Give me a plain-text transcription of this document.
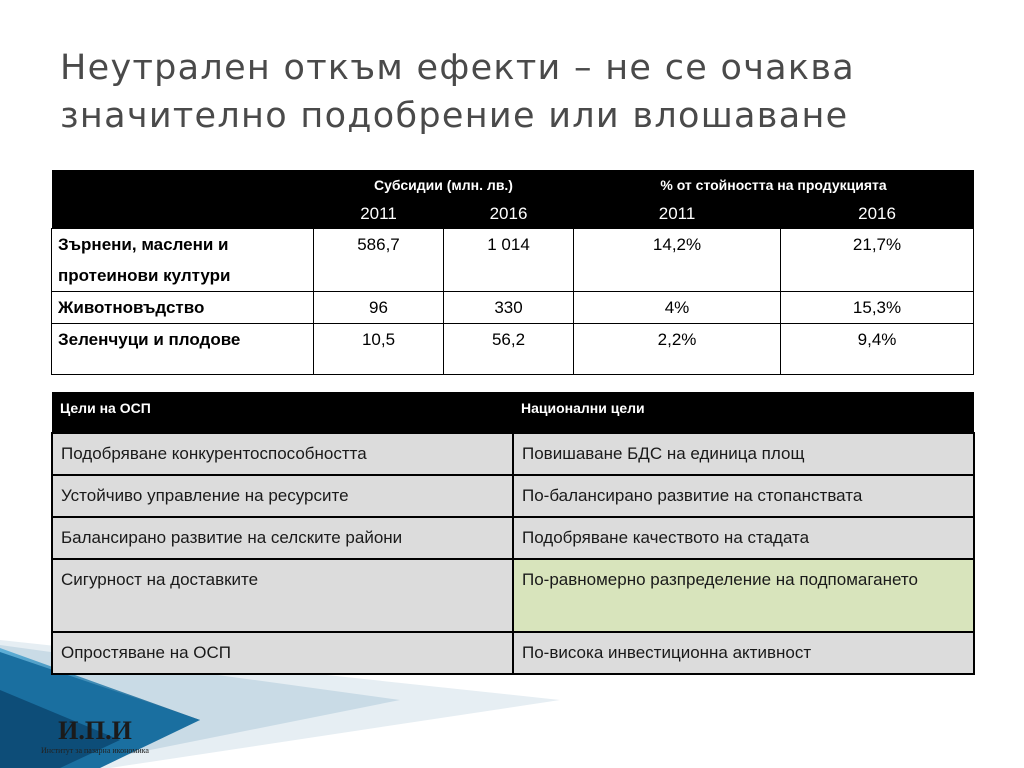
Неутрален откъм ефекти – не се очаква значително подобрение или влошаване
	Субсидии (млн. лв.)		% от стойността на продукцията	
	2011	2016	2011	2016
Зърнени, маслени и протеинови култури	586,7	1 014	14,2%	21,7%
Животновъдство	96	330	4%	15,3%
Зеленчуци и плодове	10,5	56,2	2,2%	9,4%
Цели на ОСП	Национални цели
Подобряване конкурентоспособността	Повишаване БДС на единица площ
Устойчиво управление на ресурсите	По-балансирано развитие на стопанствата
Балансирано развитие на селските райони	Подобряване качеството на стадата
Сигурност на доставките	По-равномерно разпределение на подпомагането
Опростяване на ОСП	По-висока инвестиционна активност
И.П.И
Институт за пазарна икономика
